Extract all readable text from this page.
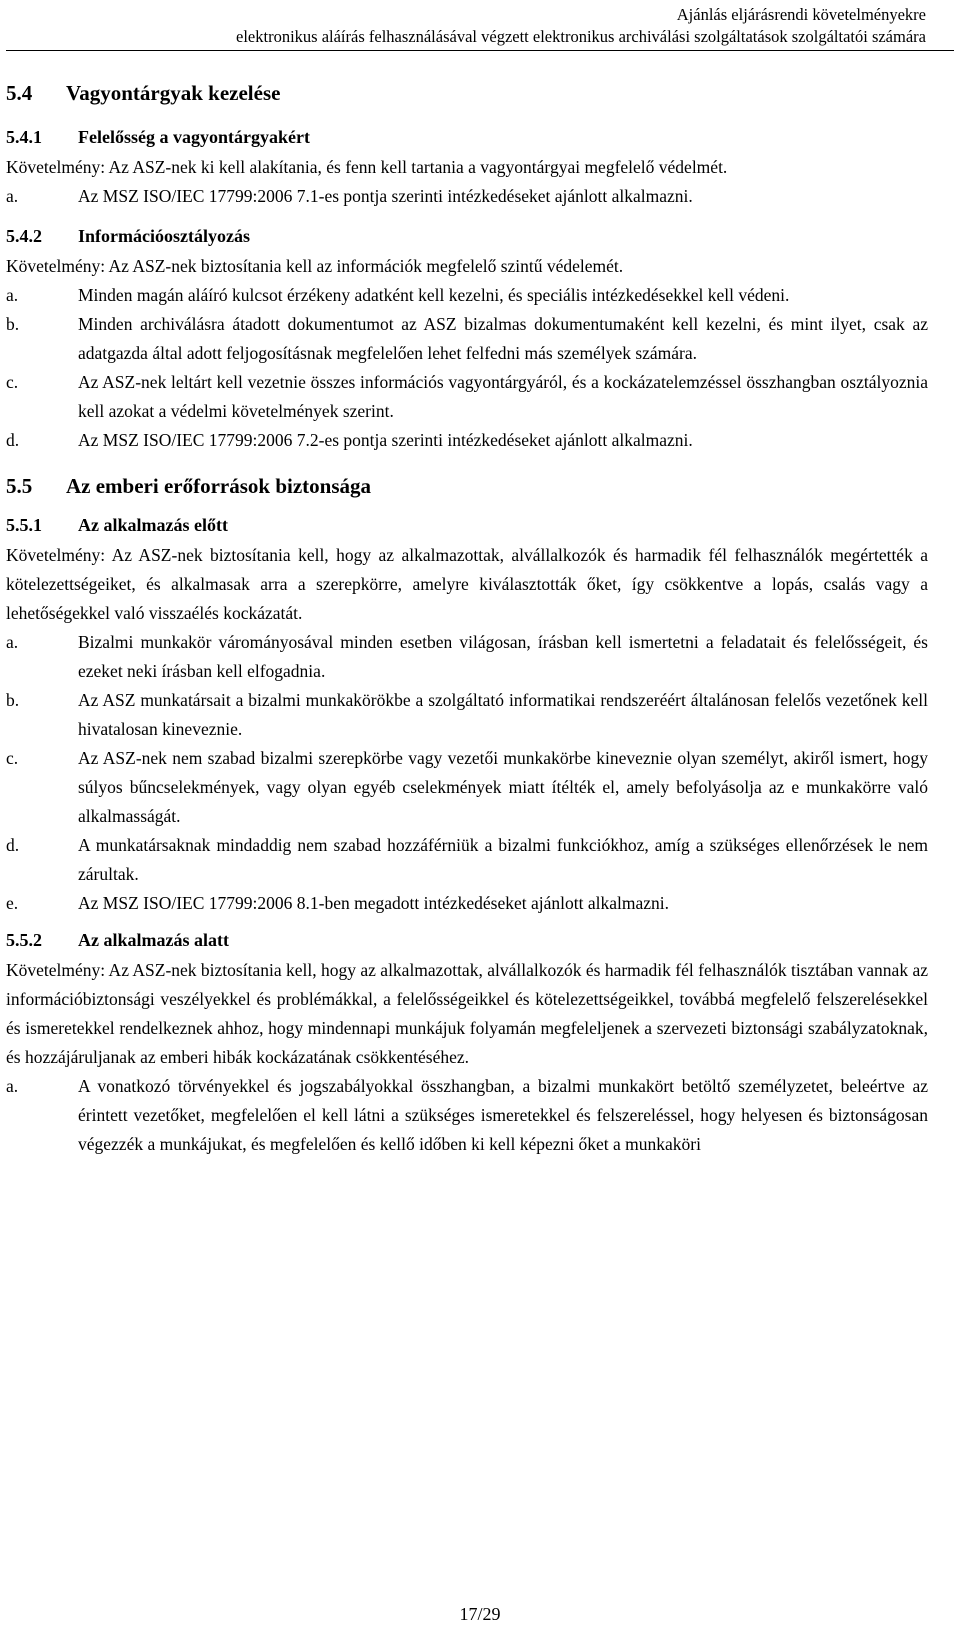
Ajánlás eljárásrendi követelményekre
elektronikus aláírás felhasználásával végzett elektronikus archiválási szolgáltatások szolgáltatói számára
5.4 Vagyontárgyak kezelése
5.4.1 Felelősség a vagyontárgyakért

Követelmény: Az ASZ-nek ki kell alakítania, és fenn kell tartania a vagyontárgyai megfelelő védelmét.

a.	Az MSZ ISO/IEC 17799:2006 7.1-es pontja szerinti intézkedéseket ajánlott alkalmazni.
5.4.2 Információosztályozás

Követelmény: Az ASZ-nek biztosítania kell az információk megfelelő szintű védelemét.

a.	Minden magán aláíró kulcsot érzékeny adatként kell kezelni, és speciális intézkedésekkel kell védeni.
b.	Minden archiválásra átadott dokumentumot az ASZ bizalmas dokumentumaként kell kezelni, és mint ilyet, csak az adatgazda által adott feljogosításnak megfelelően lehet felfedni más személyek számára.
c.	Az ASZ-nek leltárt kell vezetnie összes információs vagyontárgyáról, és a kockázatelemzéssel összhangban osztályoznia kell azokat a védelmi követelmények szerint.
d.	Az MSZ ISO/IEC 17799:2006 7.2-es pontja szerinti intézkedéseket ajánlott alkalmazni.
5.5 Az emberi erőforrások biztonsága
5.5.1 Az alkalmazás előtt

Követelmény: Az ASZ-nek biztosítania kell, hogy az alkalmazottak, alvállalkozók és harmadik fél felhasználók megértették a kötelezettségeiket, és alkalmasak arra a szerepkörre, amelyre kiválasztották őket, így csökkentve a lopás, csalás vagy a lehetőségekkel való visszaélés kockázatát.

a.	Bizalmi munkakör várományosával minden esetben világosan, írásban kell ismertetni a feladatait és felelősségeit, és ezeket neki írásban kell elfogadnia.
b.	Az ASZ munkatársait a bizalmi munkakörökbe a szolgáltató informatikai rendszeréért általánosan felelős vezetőnek kell hivatalosan kineveznie.
c.	Az ASZ-nek nem szabad bizalmi szerepkörbe vagy vezetői munkakörbe kineveznie olyan személyt, akiről ismert, hogy súlyos bűncselekmények, vagy olyan egyéb cselekmények miatt ítélték el, amely befolyásolja az e munkakörre való alkalmasságát.
d.	A munkatársaknak mindaddig nem szabad hozzáférniük a bizalmi funkciókhoz, amíg a szükséges ellenőrzések le nem zárultak.
e.	Az MSZ ISO/IEC 17799:2006 8.1-ben megadott intézkedéseket ajánlott alkalmazni.
5.5.2 Az alkalmazás alatt

Követelmény: Az ASZ-nek biztosítania kell, hogy az alkalmazottak, alvállalkozók és harmadik fél felhasználók tisztában vannak az információbiztonsági veszélyekkel és problémákkal, a felelősségeikkel és kötelezettségeikkel, továbbá megfelelő felszerelésekkel és ismeretekkel rendelkeznek ahhoz, hogy mindennapi munkájuk folyamán megfeleljenek a szervezeti biztonsági szabályzatoknak, és hozzájáruljanak az emberi hibák kockázatának csökkentéséhez.

a.	A vonatkozó törvényekkel és jogszabályokkal összhangban, a bizalmi munkakört betöltő személyzetet, beleértve az érintett vezetőket, megfelelően el kell látni a szükséges ismeretekkel és felszereléssel, hogy helyesen és biztonságosan végezzék a munkájukat, és megfelelően és kellő időben ki kell képezni őket a munkaköri
17/29
